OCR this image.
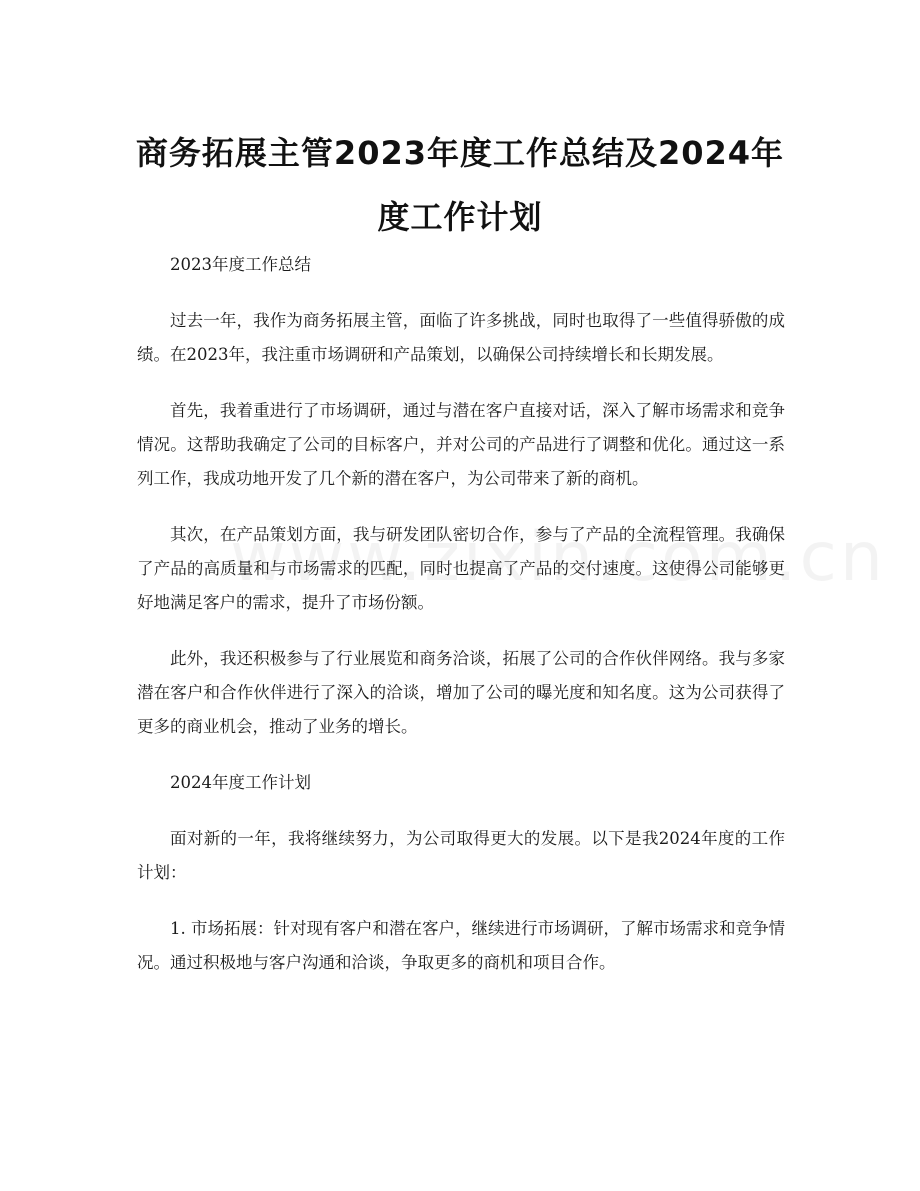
商务拓展主管2023年度工作总结及2024年度工作计划

2023年度工作总结

过去一年，我作为商务拓展主管，面临了许多挑战，同时也取得了一些值得骄傲的成绩。在2023年，我注重市场调研和产品策划，以确保公司持续增长和长期发展。

首先，我着重进行了市场调研，通过与潜在客户直接对话，深入了解市场需求和竞争情况。这帮助我确定了公司的目标客户，并对公司的产品进行了调整和优化。通过这一系列工作，我成功地开发了几个新的潜在客户，为公司带来了新的商机。

其次，在产品策划方面，我与研发团队密切合作，参与了产品的全流程管理。我确保了产品的高质量和与市场需求的匹配，同时也提高了产品的交付速度。这使得公司能够更好地满足客户的需求，提升了市场份额。

此外，我还积极参与了行业展览和商务洽谈，拓展了公司的合作伙伴网络。我与多家潜在客户和合作伙伴进行了深入的洽谈，增加了公司的曝光度和知名度。这为公司获得了更多的商业机会，推动了业务的增长。

2024年度工作计划

面对新的一年，我将继续努力，为公司取得更大的发展。以下是我2024年度的工作计划：

1. 市场拓展：针对现有客户和潜在客户，继续进行市场调研，了解市场需求和竞争情况。通过积极地与客户沟通和洽谈，争取更多的商机和项目合作。
